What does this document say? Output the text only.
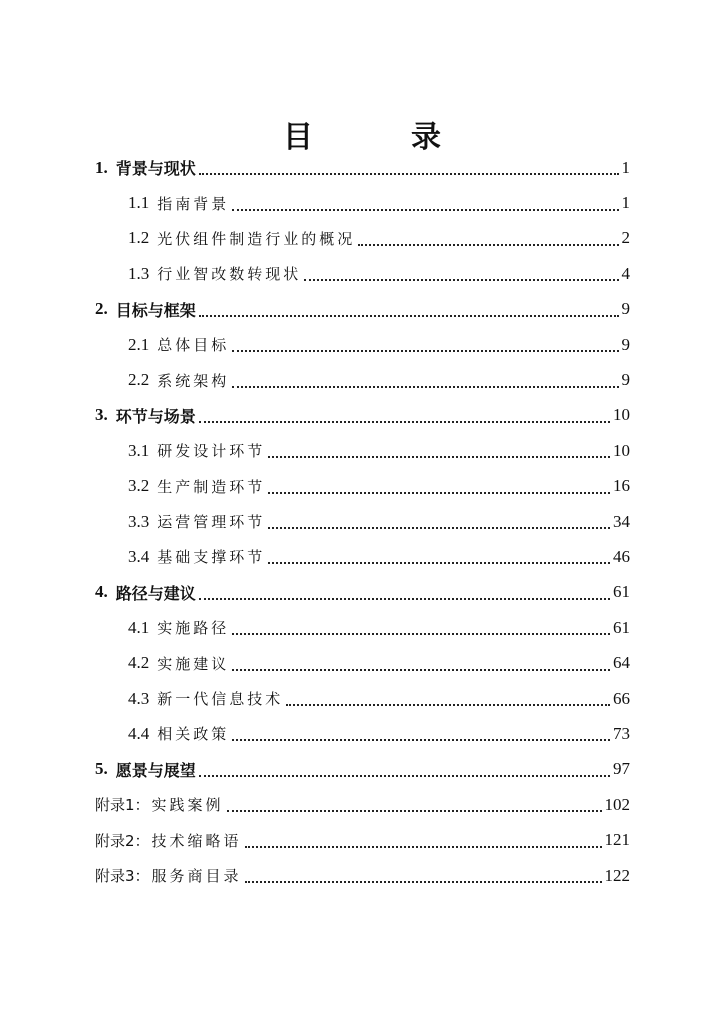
目　录
1. 背景与现状	1
1.1 指南背景	1
1.2 光伏组件制造行业的概况	2
1.3 行业智改数转现状	4
2. 目标与框架	9
2.1 总体目标	9
2.2 系统架构	9
3. 环节与场景	10
3.1 研发设计环节	10
3.2 生产制造环节	16
3.3 运营管理环节	34
3.4 基础支撑环节	46
4. 路径与建议	61
4.1 实施路径	61
4.2 实施建议	64
4.3 新一代信息技术	66
4.4 相关政策	73
5. 愿景与展望	97
附录1： 实践案例	102
附录2： 技术缩略语	121
附录3： 服务商目录	122
